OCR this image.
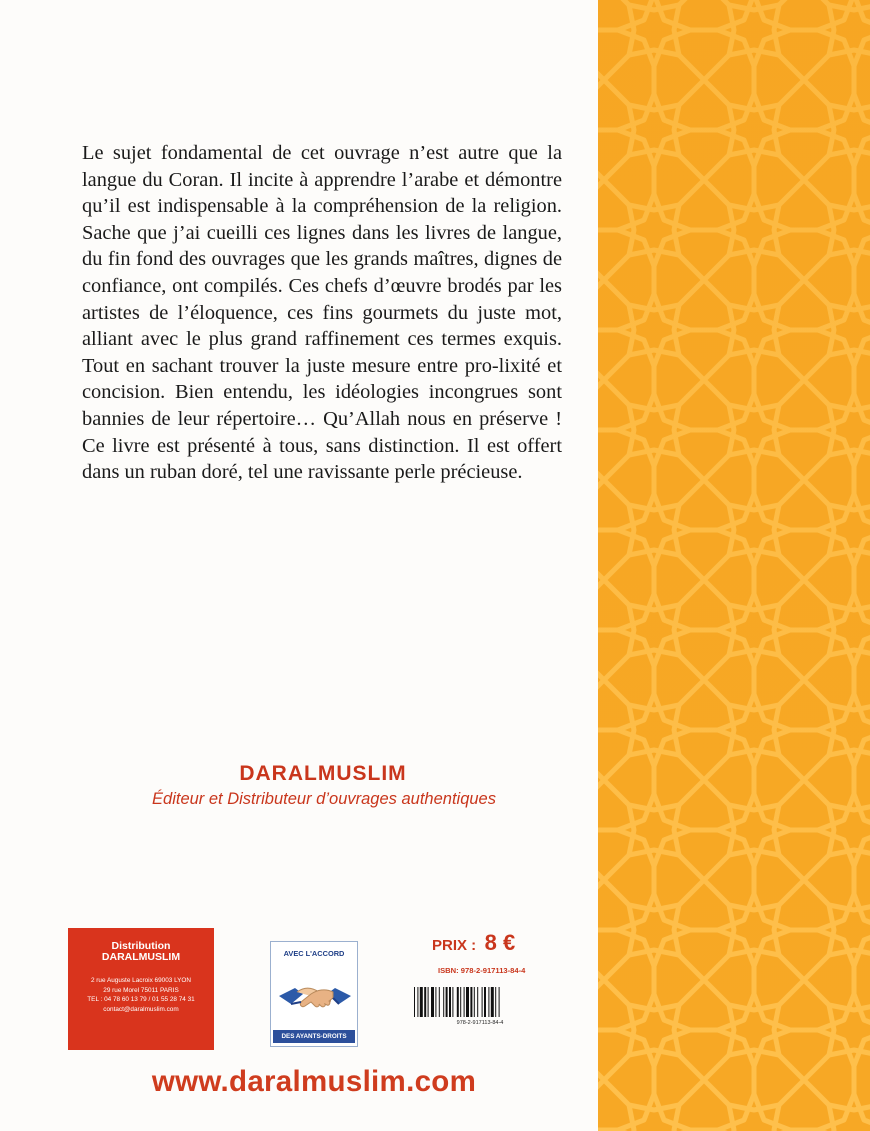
Le sujet fondamental de cet ouvrage n’est autre que la langue du Coran. Il incite à apprendre l’arabe et démontre qu’il est indispensable à la compréhension de la religion. Sache que j’ai cueilli ces lignes dans les livres de langue, du fin fond des ouvrages que les grands maîtres, dignes de confiance, ont compilés. Ces chefs d’œuvre brodés par les artistes de l’éloquence, ces fins gourmets du juste mot, alliant avec le plus grand raffinement ces termes exquis. Tout en sachant trouver la juste mesure entre pro-lixité et concision. Bien entendu, les idéologies incongrues sont bannies de leur répertoire… Qu’Allah nous en préserve ! Ce livre est présenté à tous, sans distinction. Il est offert dans un ruban doré, tel une ravissante perle précieuse.

DARALMUSLIM
Éditeur et Distributeur d’ouvrages authentiques
Distribution
DARALMUSLIM
2 rue Auguste Lacroix 69003 LYON
29 rue Morel 75011 PARIS
TEL : 04 78 60 13 79 / 01 55 28 74 31
contact@daralmuslim.com
AVEC L'ACCORD
DES AYANTS-DROITS
PRIX : 8 €
ISBN: 978-2-917113-84-4
978-2-917113-84-4
www.daralmuslim.com
